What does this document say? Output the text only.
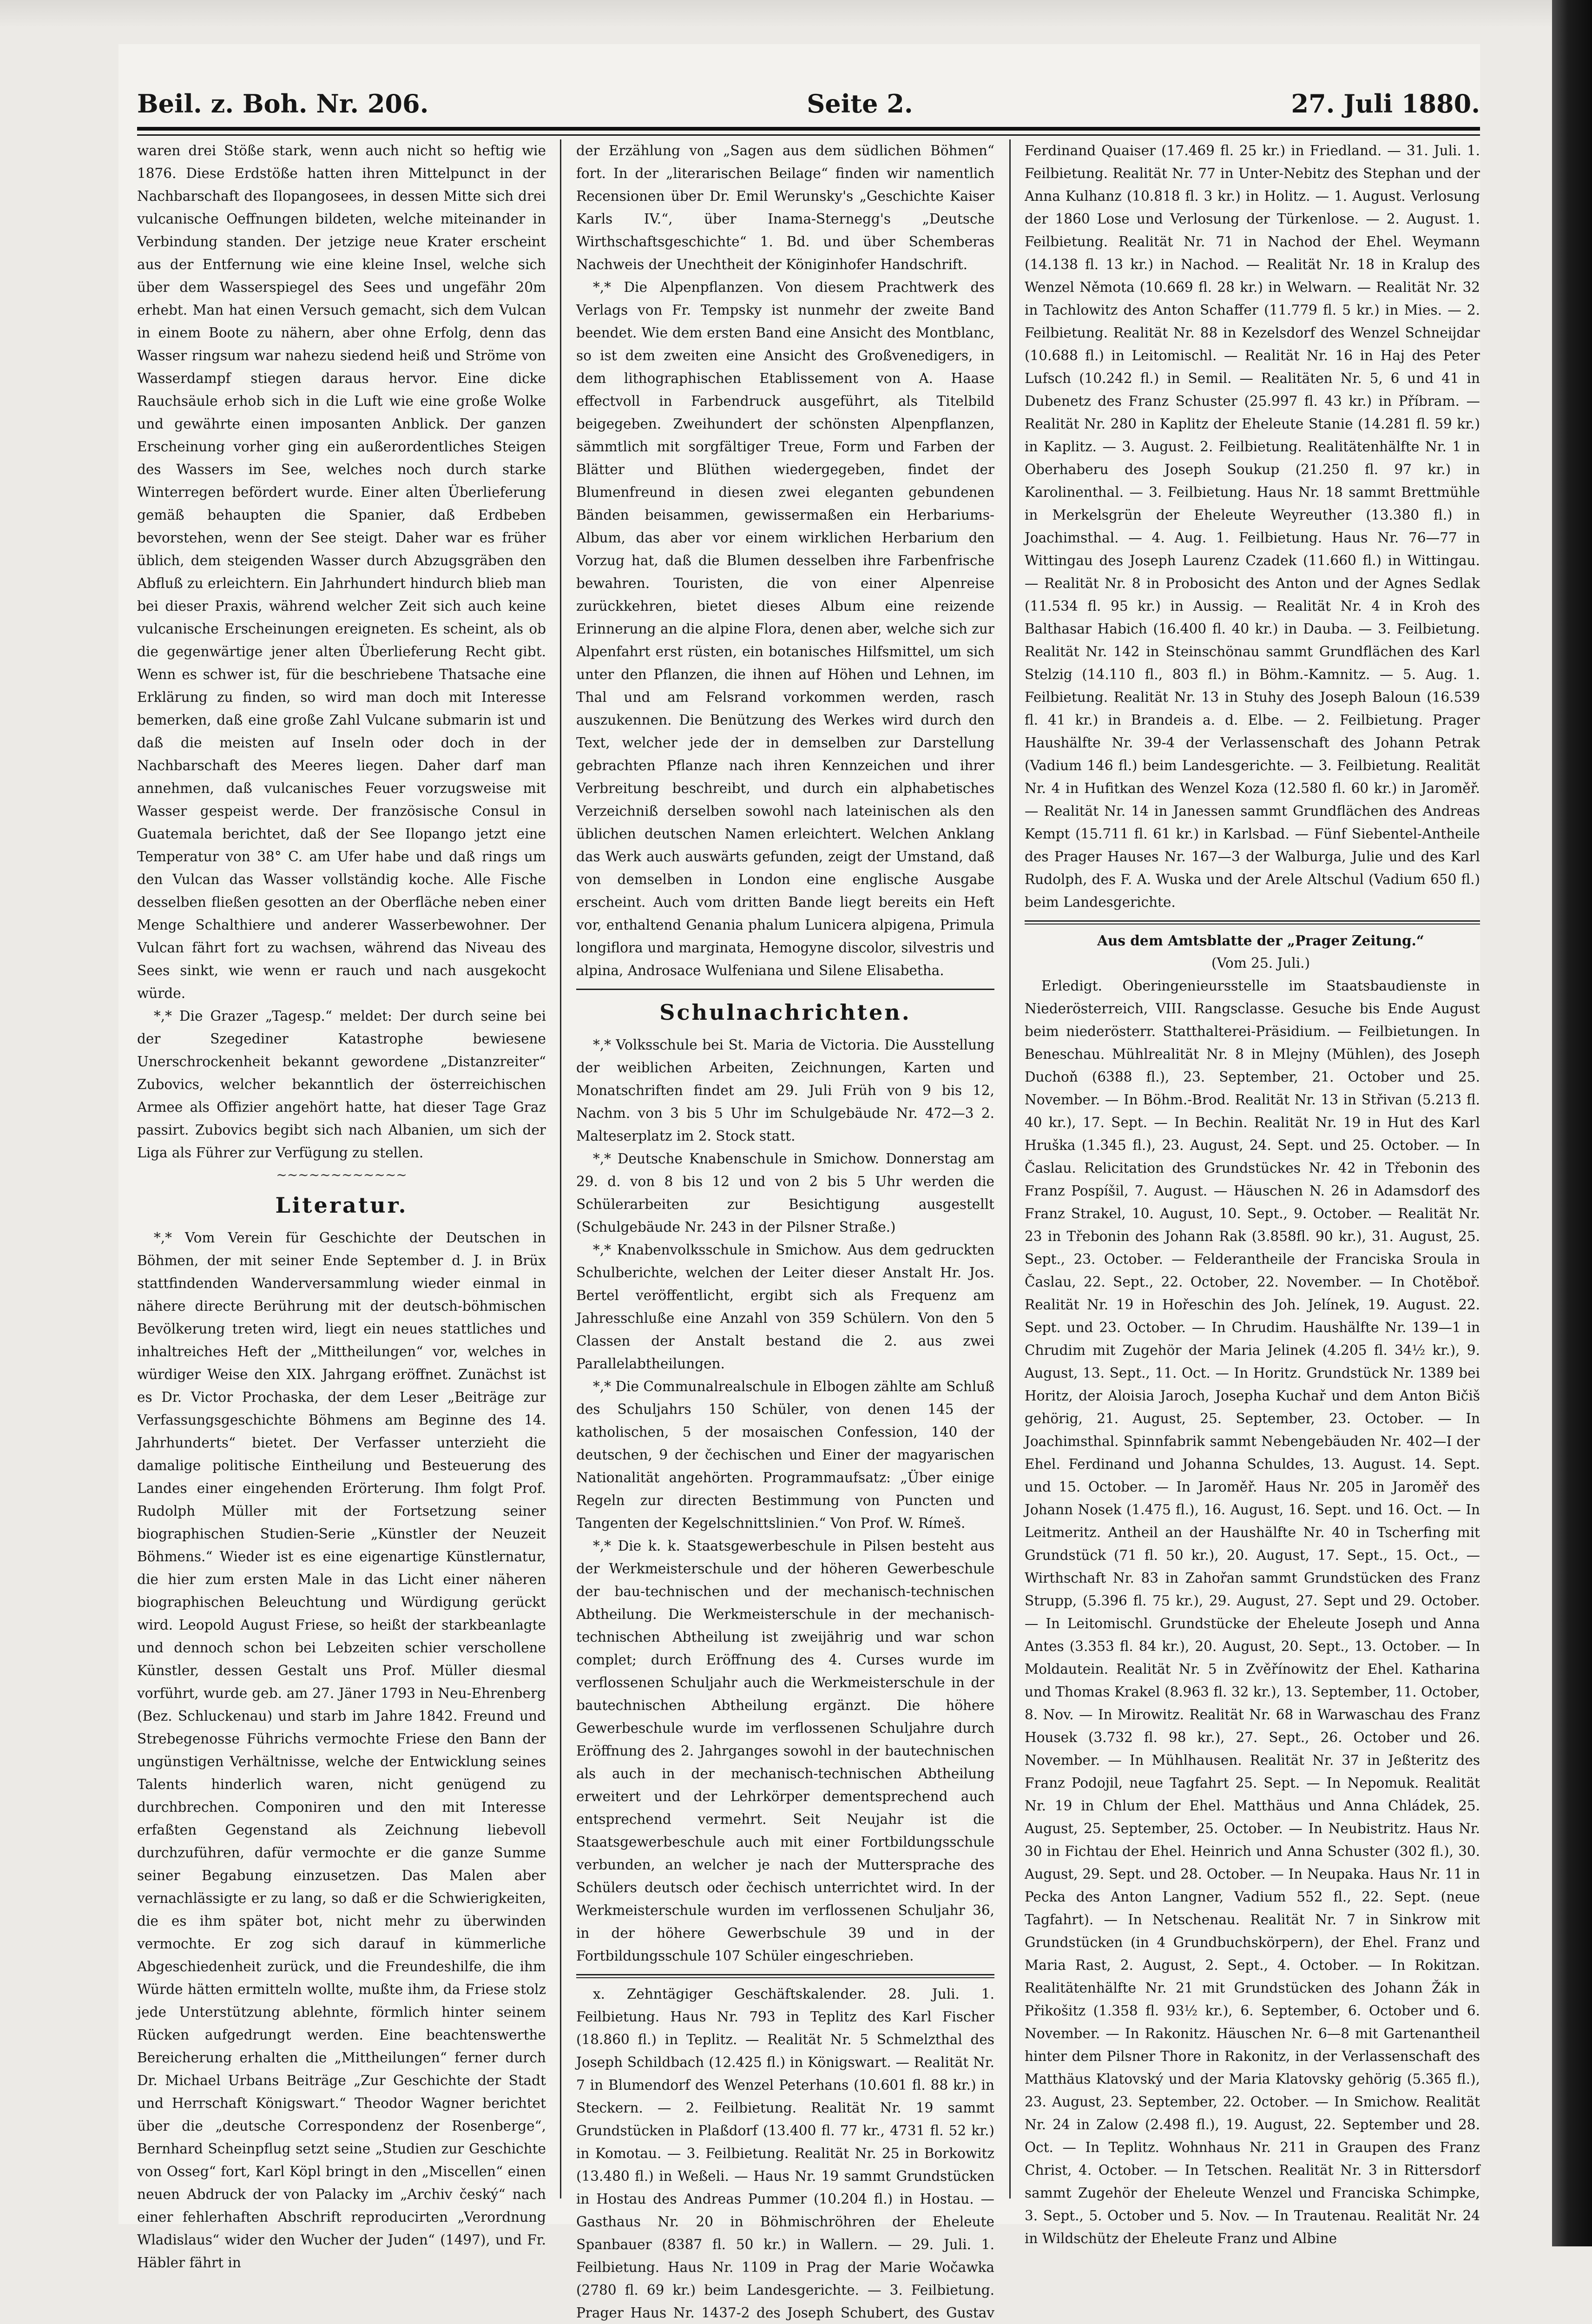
Beil. z. Boh. Nr. 206.	Seite 2.	27. Juli 1880.

waren drei Stöße stark, wenn auch nicht so heftig wie 1876. Diese Erdstöße hatten ihren Mittelpunct in der Nachbarschaft des Ilopangosees, in dessen Mitte sich drei vulcanische Oeffnungen bildeten, welche miteinander in Verbindung standen. Der jetzige neue Krater erscheint aus der Entfernung wie eine kleine Insel, welche sich über dem Wasserspiegel des Sees und ungefähr 20m erhebt. Man hat einen Versuch gemacht, sich dem Vulcan in einem Boote zu nähern, aber ohne Erfolg, denn das Wasser ringsum war nahezu siedend heiß und Ströme von Wasserdampf stiegen daraus hervor. Eine dicke Rauchsäule erhob sich in die Luft wie eine große Wolke und gewährte einen imposanten Anblick. Der ganzen Erscheinung vorher ging ein außerordentliches Steigen des Wassers im See, welches noch durch starke Winterregen befördert wurde. Einer alten Überlieferung gemäß behaupten die Spanier, daß Erdbeben bevorstehen, wenn der See steigt. Daher war es früher üblich, dem steigenden Wasser durch Abzugsgräben den Abfluß zu erleichtern. Ein Jahrhundert hindurch blieb man bei dieser Praxis, während welcher Zeit sich auch keine vulcanische Erscheinungen ereigneten. Es scheint, als ob die gegenwärtige jener alten Überlieferung Recht gibt. Wenn es schwer ist, für die beschriebene Thatsache eine Erklärung zu finden, so wird man doch mit Interesse bemerken, daß eine große Zahl Vulcane submarin ist und daß die meisten auf Inseln oder doch in der Nachbarschaft des Meeres liegen. Daher darf man annehmen, daß vulcanisches Feuer vorzugsweise mit Wasser gespeist werde. Der französische Consul in Guatemala berichtet, daß der See Ilopango jetzt eine Temperatur von 38° C. am Ufer habe und daß rings um den Vulcan das Wasser vollständig koche. Alle Fische desselben fließen gesotten an der Oberfläche neben einer Menge Schalthiere und anderer Wasserbewohner. Der Vulcan fährt fort zu wachsen, während das Niveau des Sees sinkt, wie wenn er rauch und nach ausgekocht würde.

*,* Die Grazer „Tagesp.“ meldet: Der durch seine bei der Szegediner Katastrophe bewiesene Unerschrockenheit bekannt gewordene „Distanzreiter“ Zubovics, welcher bekanntlich der österreichischen Armee als Offizier angehört hatte, hat dieser Tage Graz passirt. Zubovics begibt sich nach Albanien, um sich der Liga als Führer zur Verfügung zu stellen.

~~~~~~~~~~~~
Literatur.

*,* Vom Verein für Geschichte der Deutschen in Böhmen, der mit seiner Ende September d. J. in Brüx stattfindenden Wanderversammlung wieder einmal in nähere directe Berührung mit der deutsch-böhmischen Bevölkerung treten wird, liegt ein neues stattliches und inhaltreiches Heft der „Mittheilungen“ vor, welches in würdiger Weise den XIX. Jahrgang eröffnet. Zunächst ist es Dr. Victor Prochaska, der dem Leser „Beiträge zur Verfassungsgeschichte Böhmens am Beginne des 14. Jahrhunderts“ bietet. Der Verfasser unterzieht die damalige politische Eintheilung und Besteuerung des Landes einer eingehenden Erörterung. Ihm folgt Prof. Rudolph Müller mit der Fortsetzung seiner biographischen Studien-Serie „Künstler der Neuzeit Böhmens.“ Wieder ist es eine eigenartige Künstlernatur, die hier zum ersten Male in das Licht einer näheren biographischen Beleuchtung und Würdigung gerückt wird. Leopold August Friese, so heißt der starkbeanlagte und dennoch schon bei Lebzeiten schier verschollene Künstler, dessen Gestalt uns Prof. Müller diesmal vorführt, wurde geb. am 27. Jäner 1793 in Neu-Ehrenberg (Bez. Schluckenau) und starb im Jahre 1842. Freund und Strebegenosse Führichs vermochte Friese den Bann der ungünstigen Verhältnisse, welche der Entwicklung seines Talents hinderlich waren, nicht genügend zu durchbrechen. Componiren und den mit Interesse erfaßten Gegenstand als Zeichnung liebevoll durchzuführen, dafür vermochte er die ganze Summe seiner Begabung einzusetzen. Das Malen aber vernachlässigte er zu lang, so daß er die Schwierigkeiten, die es ihm später bot, nicht mehr zu überwinden vermochte. Er zog sich darauf in kümmerliche Abgeschiedenheit zurück, und die Freundeshilfe, die ihm Würde hätten ermitteln wollte, mußte ihm, da Friese stolz jede Unterstützung ablehnte, förmlich hinter seinem Rücken aufgedrungt werden. Eine beachtenswerthe Bereicherung erhalten die „Mittheilungen“ ferner durch Dr. Michael Urbans Beiträge „Zur Geschichte der Stadt und Herrschaft Königswart.“ Theodor Wagner berichtet über die „deutsche Correspondenz der Rosenberge“, Bernhard Scheinpflug setzt seine „Studien zur Geschichte von Osseg“ fort, Karl Köpl bringt in den „Miscellen“ einen neuen Abdruck der von Palacky im „Archiv český“ nach einer fehlerhaften Abschrift reproducirten „Verordnung Wladislaus“ wider den Wucher der Juden“ (1497), und Fr. Häbler fährt in

der Erzählung von „Sagen aus dem südlichen Böhmen“ fort. In der „literarischen Beilage“ finden wir namentlich Recensionen über Dr. Emil Werunsky's „Geschichte Kaiser Karls IV.“, über Inama-Sternegg's „Deutsche Wirthschaftsgeschichte“ 1. Bd. und über Schemberas Nachweis der Unechtheit der Königinhofer Handschrift.

*,* Die Alpenpflanzen. Von diesem Prachtwerk des Verlags von Fr. Tempsky ist nunmehr der zweite Band beendet. Wie dem ersten Band eine Ansicht des Montblanc, so ist dem zweiten eine Ansicht des Großvenedigers, in dem lithographischen Etablissement von A. Haase effectvoll in Farbendruck ausgeführt, als Titelbild beigegeben. Zweihundert der schönsten Alpenpflanzen, sämmtlich mit sorgfältiger Treue, Form und Farben der Blätter und Blüthen wiedergegeben, findet der Blumenfreund in diesen zwei eleganten gebundenen Bänden beisammen, gewissermaßen ein Herbariums-Album, das aber vor einem wirklichen Herbarium den Vorzug hat, daß die Blumen desselben ihre Farbenfrische bewahren. Touristen, die von einer Alpenreise zurückkehren, bietet dieses Album eine reizende Erinnerung an die alpine Flora, denen aber, welche sich zur Alpenfahrt erst rüsten, ein botanisches Hilfsmittel, um sich unter den Pflanzen, die ihnen auf Höhen und Lehnen, im Thal und am Felsrand vorkommen werden, rasch auszukennen. Die Benützung des Werkes wird durch den Text, welcher jede der in demselben zur Darstellung gebrachten Pflanze nach ihren Kennzeichen und ihrer Verbreitung beschreibt, und durch ein alphabetisches Verzeichniß derselben sowohl nach lateinischen als den üblichen deutschen Namen erleichtert. Welchen Anklang das Werk auch auswärts gefunden, zeigt der Umstand, daß von demselben in London eine englische Ausgabe erscheint. Auch vom dritten Bande liegt bereits ein Heft vor, enthaltend Genania phalum Lunicera alpigena, Primula longiflora und marginata, Hemogyne discolor, silvestris und alpina, Androsace Wulfeniana und Silene Elisabetha.

Schulnachrichten.

*,* Volksschule bei St. Maria de Victoria. Die Ausstellung der weiblichen Arbeiten, Zeichnungen, Karten und Monatschriften findet am 29. Juli Früh von 9 bis 12, Nachm. von 3 bis 5 Uhr im Schulgebäude Nr. 472—3 2. Malteserplatz im 2. Stock statt.

*,* Deutsche Knabenschule in Smichow. Donnerstag am 29. d. von 8 bis 12 und von 2 bis 5 Uhr werden die Schülerarbeiten zur Besichtigung ausgestellt (Schulgebäude Nr. 243 in der Pilsner Straße.)

*,* Knabenvolksschule in Smichow. Aus dem gedruckten Schulberichte, welchen der Leiter dieser Anstalt Hr. Jos. Bertel veröffentlicht, ergibt sich als Frequenz am Jahresschluße eine Anzahl von 359 Schülern. Von den 5 Classen der Anstalt bestand die 2. aus zwei Parallelabtheilungen.

*,* Die Communalrealschule in Elbogen zählte am Schluß des Schuljahrs 150 Schüler, von denen 145 der katholischen, 5 der mosaischen Confession, 140 der deutschen, 9 der čechischen und Einer der magyarischen Nationalität angehörten. Programmaufsatz: „Über einige Regeln zur directen Bestimmung von Puncten und Tangenten der Kegelschnittslinien.“ Von Prof. W. Rímeš.

*,* Die k. k. Staatsgewerbeschule in Pilsen besteht aus der Werkmeisterschule und der höheren Gewerbeschule der bau-technischen und der mechanisch-technischen Abtheilung. Die Werkmeisterschule in der mechanisch-technischen Abtheilung ist zweijährig und war schon complet; durch Eröffnung des 4. Curses wurde im verflossenen Schuljahr auch die Werkmeisterschule in der bautechnischen Abtheilung ergänzt. Die höhere Gewerbeschule wurde im verflossenen Schuljahre durch Eröffnung des 2. Jahrganges sowohl in der bautechnischen als auch in der mechanisch-technischen Abtheilung erweitert und der Lehrkörper dementsprechend auch entsprechend vermehrt. Seit Neujahr ist die Staatsgewerbeschule auch mit einer Fortbildungsschule verbunden, an welcher je nach der Muttersprache des Schülers deutsch oder čechisch unterrichtet wird. In der Werkmeisterschule wurden im verflossenen Schuljahr 36, in der höhere Gewerbschule 39 und in der Fortbildungsschule 107 Schüler eingeschrieben.

x. Zehntägiger Geschäftskalender. 28. Juli. 1. Feilbietung. Haus Nr. 793 in Teplitz des Karl Fischer (18.860 fl.) in Teplitz. — Realität Nr. 5 Schmelzthal des Joseph Schildbach (12.425 fl.) in Königswart. — Realität Nr. 7 in Blumendorf des Wenzel Peterhans (10.601 fl. 88 kr.) in Steckern. — 2. Feilbietung. Realität Nr. 19 sammt Grundstücken in Plaßdorf (13.400 fl. 77 kr., 4731 fl. 52 kr.) in Komotau. — 3. Feilbietung. Realität Nr. 25 in Borkowitz (13.480 fl.) in Weßeli. — Haus Nr. 19 sammt Grundstücken in Hostau des Andreas Pummer (10.204 fl.) in Hostau. — Gasthaus Nr. 20 in Böhmischröhren der Eheleute Spanbauer (8387 fl. 50 kr.) in Wallern. — 29. Juli. 1. Feilbietung. Haus Nr. 1109 in Prag der Marie Wočawka (2780 fl. 69 kr.) beim Landesgerichte. — 3. Feilbietung. Prager Haus Nr. 1437-2 des Joseph Schubert, des Gustav

Ferdinand Quaiser (17.469 fl. 25 kr.) in Friedland. — 31. Juli. 1. Feilbietung. Realität Nr. 77 in Unter-Nebitz des Stephan und der Anna Kulhanz (10.818 fl. 3 kr.) in Holitz. — 1. August. Verlosung der 1860 Lose und Verlosung der Türkenlose. — 2. August. 1. Feilbietung. Realität Nr. 71 in Nachod der Ehel. Weymann (14.138 fl. 13 kr.) in Nachod. — Realität Nr. 18 in Kralup des Wenzel Němota (10.669 fl. 28 kr.) in Welwarn. — Realität Nr. 32 in Tachlowitz des Anton Schaffer (11.779 fl. 5 kr.) in Mies. — 2. Feilbietung. Realität Nr. 88 in Kezelsdorf des Wenzel Schneijdar (10.688 fl.) in Leitomischl. — Realität Nr. 16 in Haj des Peter Lufsch (10.242 fl.) in Semil. — Realitäten Nr. 5, 6 und 41 in Dubenetz des Franz Schuster (25.997 fl. 43 kr.) in Příbram. — Realität Nr. 280 in Kaplitz der Eheleute Stanie (14.281 fl. 59 kr.) in Kaplitz. — 3. August. 2. Feilbietung. Realitätenhälfte Nr. 1 in Oberhaberu des Joseph Soukup (21.250 fl. 97 kr.) in Karolinenthal. — 3. Feilbietung. Haus Nr. 18 sammt Brettmühle in Merkelsgrün der Eheleute Weyreuther (13.380 fl.) in Joachimsthal. — 4. Aug. 1. Feilbietung. Haus Nr. 76—77 in Wittingau des Joseph Laurenz Czadek (11.660 fl.) in Wittingau. — Realität Nr. 8 in Probosicht des Anton und der Agnes Sedlak (11.534 fl. 95 kr.) in Aussig. — Realität Nr. 4 in Kroh des Balthasar Habich (16.400 fl. 40 kr.) in Dauba. — 3. Feilbietung. Realität Nr. 142 in Steinschönau sammt Grundflächen des Karl Stelzig (14.110 fl., 803 fl.) in Böhm.-Kamnitz. — 5. Aug. 1. Feilbietung. Realität Nr. 13 in Stuhy des Joseph Baloun (16.539 fl. 41 kr.) in Brandeis a. d. Elbe. — 2. Feilbietung. Prager Haushälfte Nr. 39-4 der Verlassenschaft des Johann Petrak (Vadium 146 fl.) beim Landesgerichte. — 3. Feilbietung. Realität Nr. 4 in Hufitkan des Wenzel Koza (12.580 fl. 60 kr.) in Jaroměř. — Realität Nr. 14 in Janessen sammt Grundflächen des Andreas Kempt (15.711 fl. 61 kr.) in Karlsbad. — Fünf Siebentel-Antheile des Prager Hauses Nr. 167—3 der Walburga, Julie und des Karl Rudolph, des F. A. Wuska und der Arele Altschul (Vadium 650 fl.) beim Landesgerichte.

Aus dem Amtsblatte der „Prager Zeitung.“

(Vom 25. Juli.)

Erledigt. Oberingenieursstelle im Staatsbaudienste in Niederösterreich, VIII. Rangsclasse. Gesuche bis Ende August beim niederösterr. Statthalterei-Präsidium. — Feilbietungen. In Beneschau. Mühlrealität Nr. 8 in Mlejny (Mühlen), des Joseph Duchoň (6388 fl.), 23. September, 21. October und 25. November. — In Böhm.-Brod. Realität Nr. 13 in Střivan (5.213 fl. 40 kr.), 17. Sept. — In Bechin. Realität Nr. 19 in Hut des Karl Hruška (1.345 fl.), 23. August, 24. Sept. und 25. October. — In Časlau. Relicitation des Grundstückes Nr. 42 in Třebonin des Franz Pospíšil, 7. August. — Häuschen N. 26 in Adamsdorf des Franz Strakel, 10. August, 10. Sept., 9. October. — Realität Nr. 23 in Třebonin des Johann Rak (3.858fl. 90 kr.), 31. August, 25. Sept., 23. October. — Felderantheile der Franciska Sroula in Časlau, 22. Sept., 22. October, 22. November. — In Chotěboř. Realität Nr. 19 in Hořeschin des Joh. Jelínek, 19. August. 22. Sept. und 23. October. — In Chrudim. Haushälfte Nr. 139—1 in Chrudim mit Zugehör der Maria Jelinek (4.205 fl. 34½ kr.), 9. August, 13. Sept., 11. Oct. — In Horitz. Grundstück Nr. 1389 bei Horitz, der Aloisia Jaroch, Josepha Kuchař und dem Anton Bičiš gehörig, 21. August, 25. September, 23. October. — In Joachimsthal. Spinnfabrik sammt Nebengebäuden Nr. 402—I der Ehel. Ferdinand und Johanna Schuldes, 13. August. 14. Sept. und 15. October. — In Jaroměř. Haus Nr. 205 in Jaroměř des Johann Nosek (1.475 fl.), 16. August, 16. Sept. und 16. Oct. — In Leitmeritz. Antheil an der Haushälfte Nr. 40 in Tscherfing mit Grundstück (71 fl. 50 kr.), 20. August, 17. Sept., 15. Oct., — Wirthschaft Nr. 83 in Zahořan sammt Grundstücken des Franz Strupp, (5.396 fl. 75 kr.), 29. August, 27. Sept und 29. October. — In Leitomischl. Grundstücke der Eheleute Joseph und Anna Antes (3.353 fl. 84 kr.), 20. August, 20. Sept., 13. October. — In Moldautein. Realität Nr. 5 in Zvěřínowitz der Ehel. Katharina und Thomas Krakel (8.963 fl. 32 kr.), 13. September, 11. October, 8. Nov. — In Mirowitz. Realität Nr. 68 in Warwaschau des Franz Housek (3.732 fl. 98 kr.), 27. Sept., 26. October und 26. November. — In Mühlhausen. Realität Nr. 37 in Jeßteritz des Franz Podojil, neue Tagfahrt 25. Sept. — In Nepomuk. Realität Nr. 19 in Chlum der Ehel. Matthäus und Anna Chládek, 25. August, 25. September, 25. October. — In Neubistritz. Haus Nr. 30 in Fichtau der Ehel. Heinrich und Anna Schuster (302 fl.), 30. August, 29. Sept. und 28. October. — In Neupaka. Haus Nr. 11 in Pecka des Anton Langner, Vadium 552 fl., 22. Sept. (neue Tagfahrt). — In Netschenau. Realität Nr. 7 in Sinkrow mit Grundstücken (in 4 Grundbuchskörpern), der Ehel. Franz und Maria Rast, 2. August, 2. Sept., 4. October. — In Rokitzan. Realitätenhälfte Nr. 21 mit Grundstücken des Johann Žák in Přikošitz (1.358 fl. 93½ kr.), 6. September, 6. October und 6. November. — In Rakonitz. Häuschen Nr. 6—8 mit Gartenantheil hinter dem Pilsner Thore in Rakonitz, in der Verlassenschaft des Matthäus Klatovský und der Maria Klatovsky gehörig (5.365 fl.), 23. August, 23. September, 22. October. — In Smichow. Realität Nr. 24 in Zalow (2.498 fl.), 19. August, 22. September und 28. Oct. — In Teplitz. Wohnhaus Nr. 211 in Graupen des Franz Christ, 4. October. — In Tetschen. Realität Nr. 3 in Rittersdorf sammt Zugehör der Eheleute Wenzel und Franciska Schimpke, 3. Sept., 5. October und 5. Nov. — In Trautenau. Realität Nr. 24 in Wildschütz der Eheleute Franz und Albine
